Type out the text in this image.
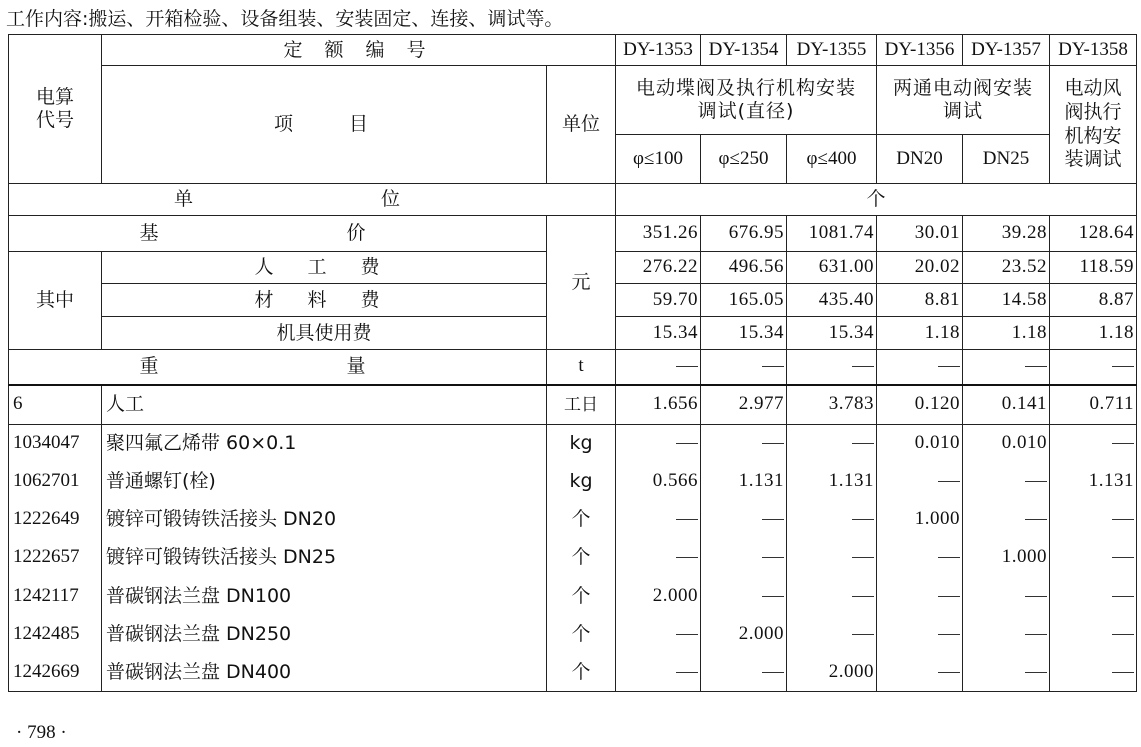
工作内容:搬运、开箱检验、设备组装、安装固定、连接、调试等。
电算代号	定 额 编 号		DY-1353	DY-1354	DY-1355	DY-1356	DY-1357	DY-1358
	项　　目	单位	电动堞阀及执行机构安装调试(直径)			两通电动阀安装调试		电动风阀执行机构安装调试
			φ≤100	φ≤250	φ≤400	DN20	DN25	
单　　位			个					
基　　价		元	351.26	676.95	1081.74	30.01	39.28	128.64
其中	人 工 费		276.22	496.56	631.00	20.02	23.52	118.59
	材 料 费		59.70	165.05	435.40	8.81	14.58	8.87
	机具使用费		15.34	15.34	15.34	1.18	1.18	1.18
重　　量		t						
6	人工	工日	1.656	2.977	3.783	0.120	0.141	0.711
1034047	聚四氟乙烯带 60×0.1	kg				0.010	0.010	
1062701	普通螺钉(栓)	kg	0.566	1.131	1.131			1.131
1222649	镀锌可锻铸铁活接头 DN20	个				1.000		
1222657	镀锌可锻铸铁活接头 DN25	个					1.000	
1242117	普碳钢法兰盘 DN100	个	2.000					
1242485	普碳钢法兰盘 DN250	个		2.000				
1242669	普碳钢法兰盘 DN400	个			2.000			
· 798 ·
